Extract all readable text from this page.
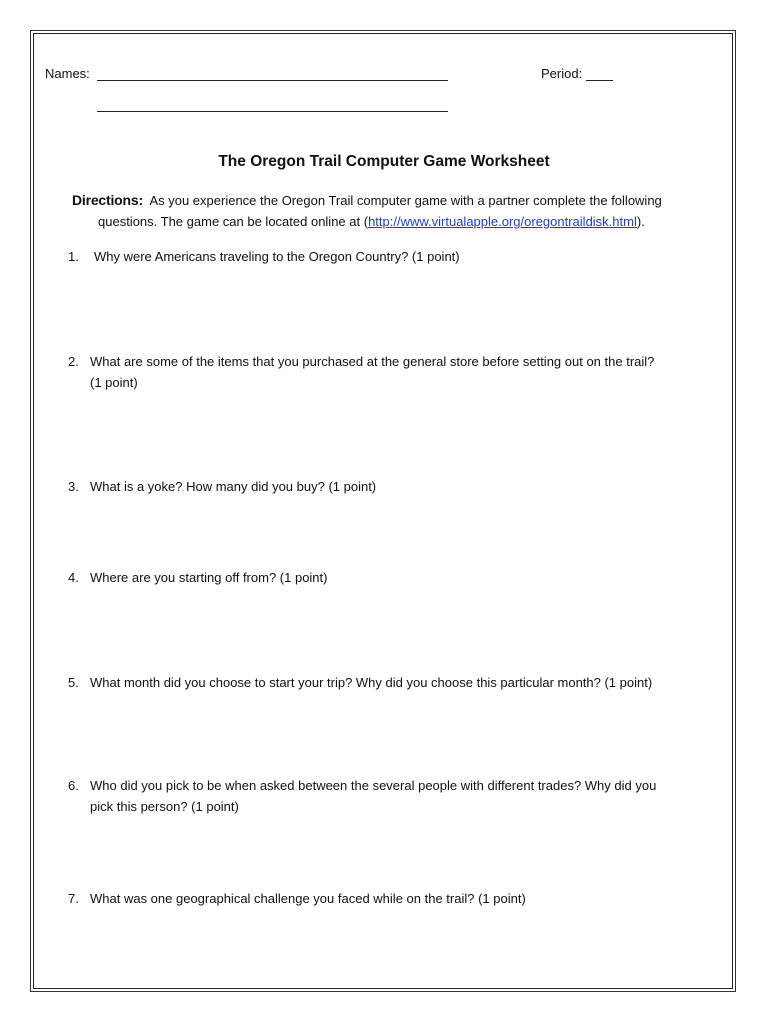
Names:	Period:
The Oregon Trail Computer Game Worksheet
Directions: As you experience the Oregon Trail computer game with a partner complete the following
questions. The game can be located online at (http://www.virtualapple.org/oregontraildisk.html).
1. Why were Americans traveling to the Oregon Country? (1 point)
2. What are some of the items that you purchased at the general store before setting out on the trail?
(1 point)
3. What is a yoke? How many did you buy? (1 point)
4. Where are you starting off from? (1 point)
5. What month did you choose to start your trip? Why did you choose this particular month? (1 point)
6. Who did you pick to be when asked between the several people with different trades? Why did you
pick this person? (1 point)
7. What was one geographical challenge you faced while on the trail? (1 point)
